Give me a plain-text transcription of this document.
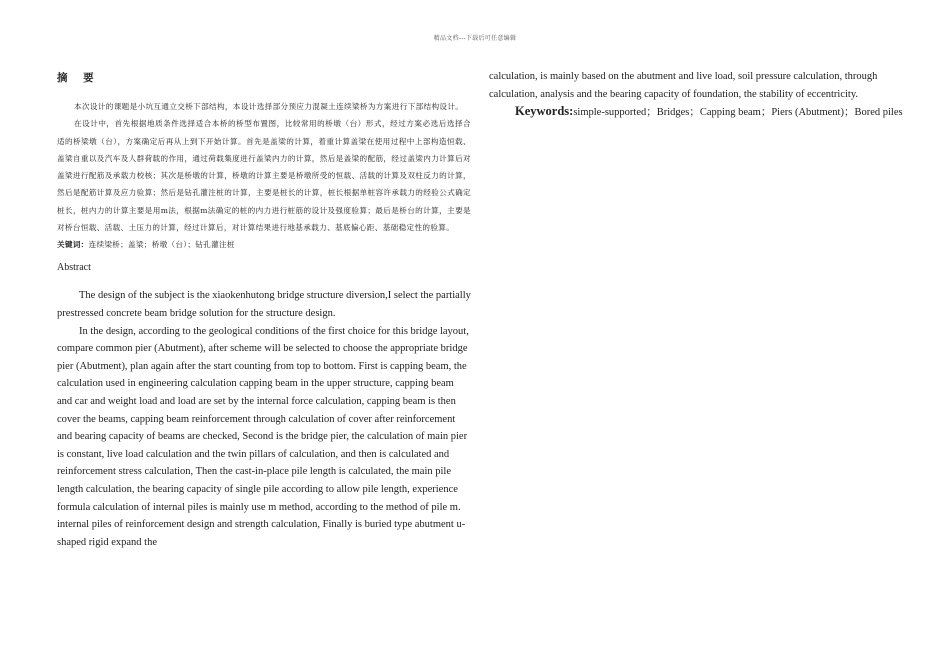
精品文档---下载后可任意编辑
摘 要

本次设计的课题是小坑互通立交桥下部结构，本设计选择部分预应力混凝土连续梁桥为方案进行下部结构设计。

在设计中，首先根据地质条件选择适合本桥的桥型布置图，比较常用的桥墩（台）形式，经过方案必选后选择合适的桥梁墩（台），方案确定后再从上到下开始计算。首先是盖梁的计算，着重计算盖梁在使用过程中上部构造恒载、盖梁自重以及汽车及人群荷载的作用，通过荷载集度进行盖梁内力的计算，然后是盖梁的配筋，经过盖梁内力计算后对盖梁进行配筋及承载力校核；其次是桥墩的计算，桥墩的计算主要是桥墩所受的恒载、活载的计算及双柱反力的计算，然后是配筋计算及应力验算；然后是钻孔灌注桩的计算，主要是桩长的计算，桩长根据单桩容许承载力的经验公式确定桩长，桩内力的计算主要是用m法，根据m法确定的桩的内力进行桩筋的设计及强度验算；最后是桥台的计算，主要是对桥台恒载、活载、土压力的计算，经过计算后，对计算结果进行地基承载力、基底偏心距、基础稳定性的验算。

关键词：连续梁桥；盖梁；桥墩（台）；钻孔灌注桩
Abstract

The design of the subject is the xiaokenhutong bridge structure diversion,I select the partially prestressed concrete beam bridge solution for the structure design.

In the design, according to the geological conditions of the first choice for this bridge layout, compare common pier (Abutment), after scheme will be selected to choose the appropriate bridge pier (Abutment), plan again after the start counting from top to bottom. First is capping beam, the calculation used in engineering calculation capping beam in the upper structure, capping beam and car and weight load and load are set by the internal force calculation, capping beam is then cover the beams, capping beam reinforcement through calculation of cover after reinforcement and bearing capacity of beams are checked, Second is the bridge pier, the calculation of main pier is constant, live load calculation and the twin pillars of calculation, and then is calculated and reinforcement stress calculation, Then the cast-in-place pile length is calculated, the main pile length calculation, the bearing capacity of single pile according to allow pile length, experience formula calculation of internal piles is mainly use m method, according to the method of pile m. internal piles of reinforcement design and strength calculation, Finally is buried type abutment u-shaped rigid expand the

calculation, is mainly based on the abutment and live load, soil pressure calculation, through calculation, analysis and the bearing capacity of foundation, the stability of eccentricity.

Keywords:simple-supported；Bridges；Capping beam；Piers (Abutment)；Bored piles
